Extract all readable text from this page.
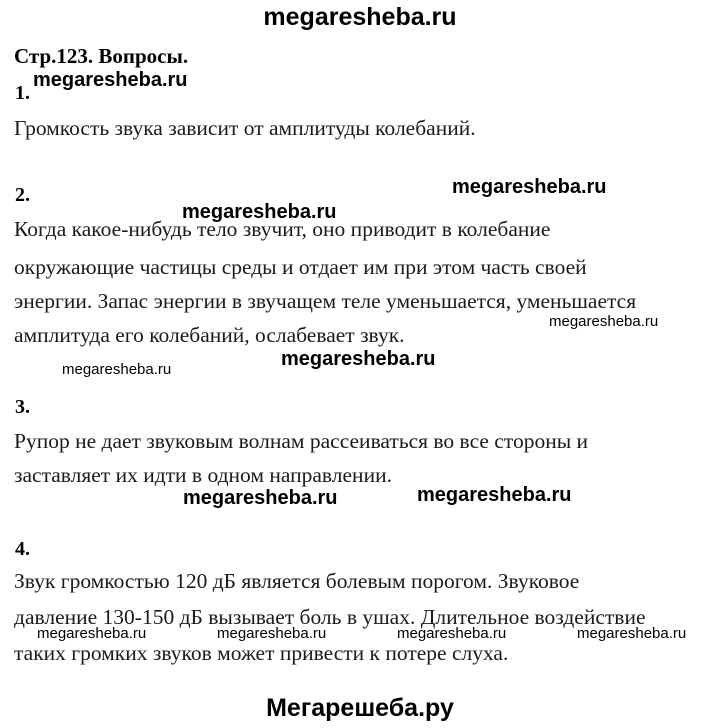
megaresheba.ru
Стр.123. Вопросы.
1.
Громкость звука зависит от амплитуды колебаний.
2.
Когда какое-нибудь тело звучит, оно приводит в колебание
окружающие частицы среды и отдает им при этом часть своей
энергии. Запас энергии в звучащем теле уменьшается, уменьшается
амплитуда его колебаний, ослабевает звук.
3.
Рупор не дает звуковым волнам рассеиваться во все стороны и
заставляет их идти в одном направлении.
4.
Звук громкостью 120 дБ является болевым порогом. Звуковое
давление 130-150 дБ вызывает боль в ушах. Длительное воздействие
таких громких звуков может привести к потере слуха.
megaresheba.ru
megaresheba.ru
megaresheba.ru
megaresheba.ru
megaresheba.ru
megaresheba.ru
megaresheba.ru	megaresheba.ru
megaresheba.ru	megaresheba.ru	megaresheba.ru	megaresheba.ru
Мегарешеба.ру
